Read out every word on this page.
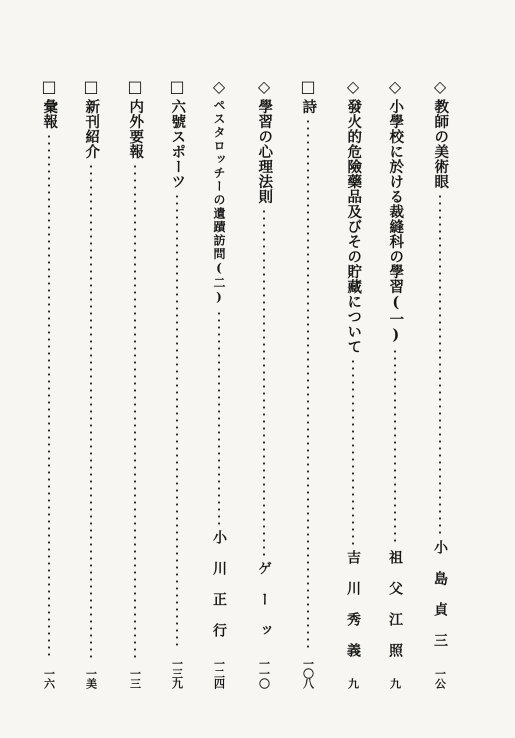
◇
教師の美術眼
小島貞三
一公
◇
小學校に於ける裁縫科の學習(一)
祖父江照
九
◇
發火的危險藥品及びその貯藏について
吉川秀義
九
□
詩
一〇八
◇
學習の心理法則
ゲーッ
一一〇
◇
ペスタロッチーの遺蹟訪問(二)
小川正行
一二四
□
六號スポーツ
一三九
□
内外要報
一三
□
新刊紹介
一美
□
彙報
一六
